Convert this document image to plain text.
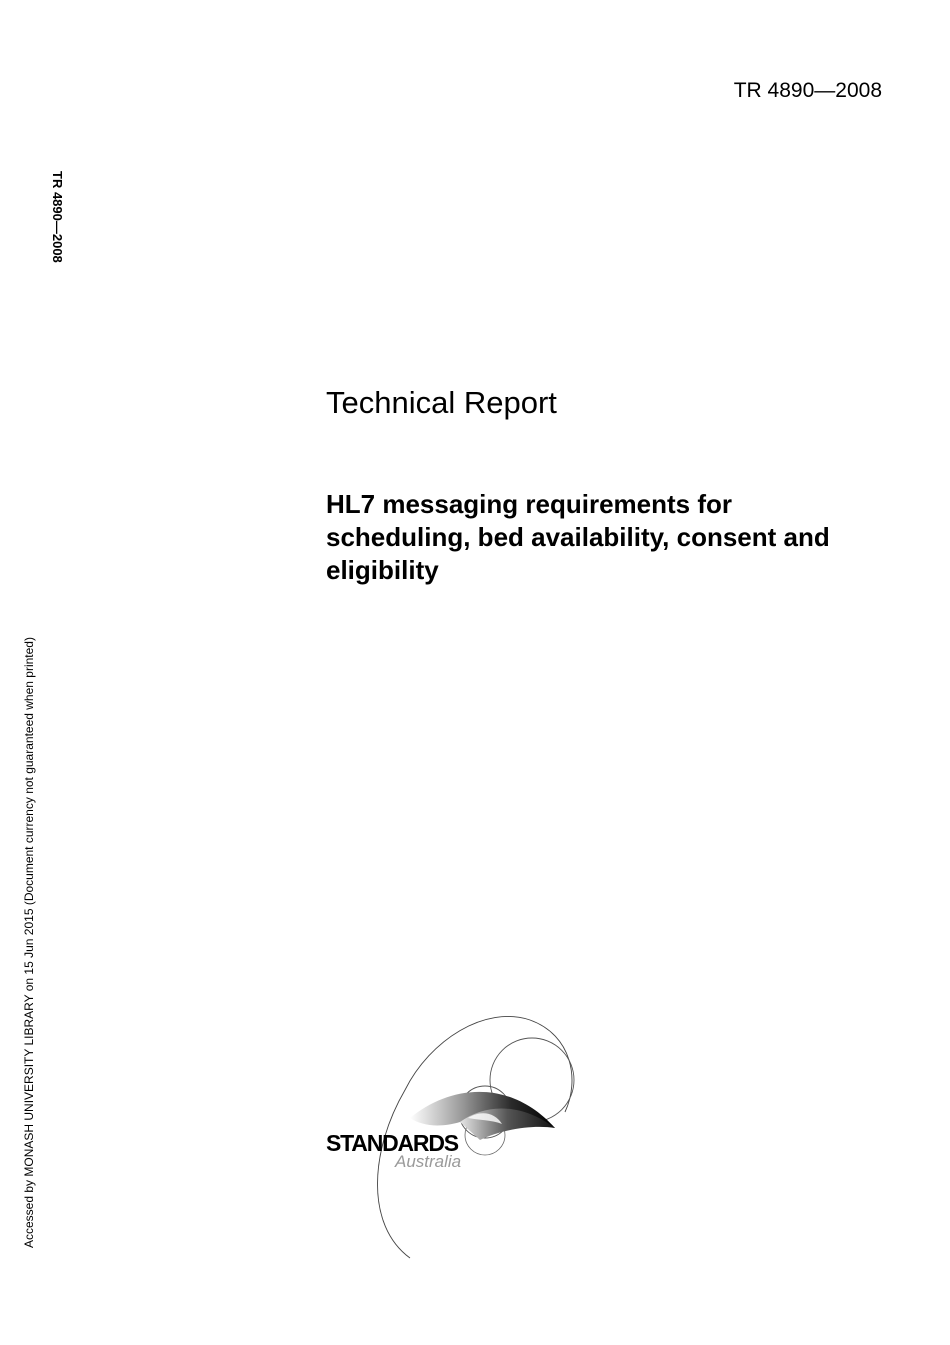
TR 4890—2008
TR 4890—2008
Accessed by MONASH UNIVERSITY LIBRARY on 15 Jun 2015 (Document currency not guaranteed when printed)
Technical Report
HL7 messaging requirements for scheduling, bed availability, consent and eligibility
STANDARDS
Australia
